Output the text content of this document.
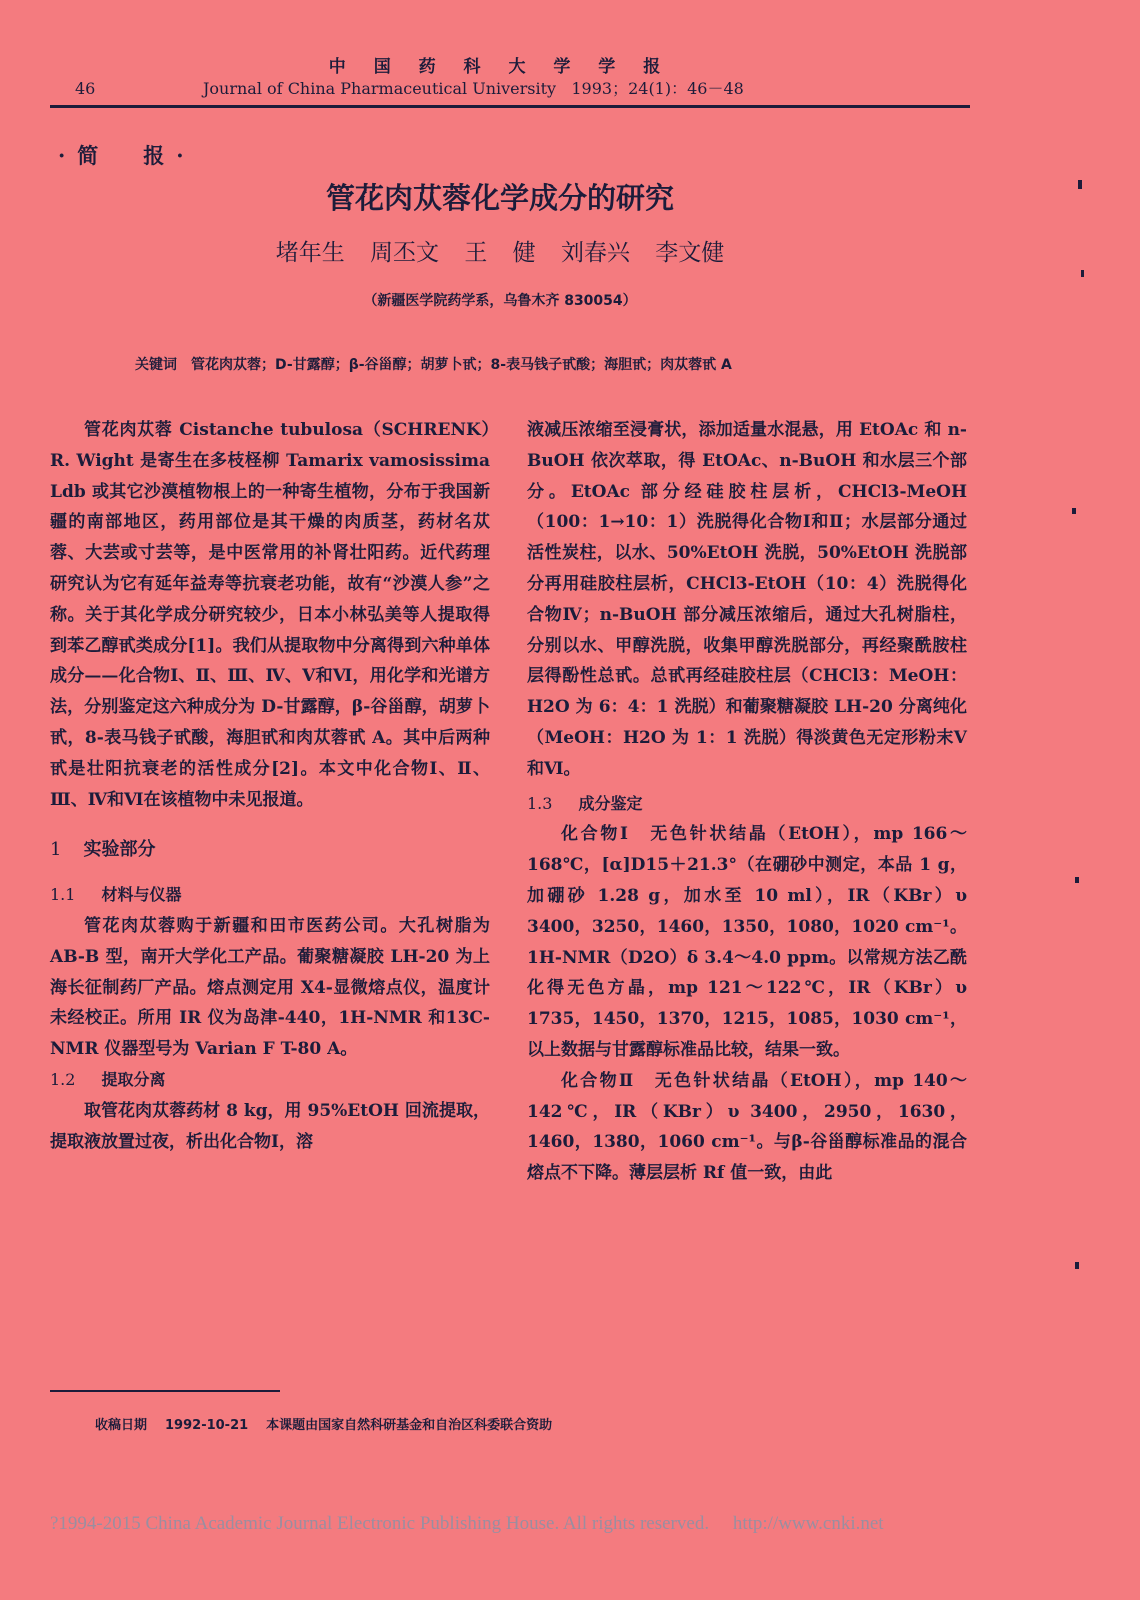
中 国 药 科 大 学 学 报
46	Journal of China Pharmaceutical University 1993；24(1)：46－48
·简　报·
管花肉苁蓉化学成分的研究
堵年生 周丕文 王 健 刘春兴 李文健
（新疆医学院药学系，乌鲁木齐 830054）
关键词 管花肉苁蓉；D-甘露醇；β-谷甾醇；胡萝卜甙；8-表马钱子甙酸；海胆甙；肉苁蓉甙 A

管花肉苁蓉 Cistanche tubulosa（SCHRENK）R. Wight 是寄生在多枝柽柳 Tamarix vamosissima Ldb 或其它沙漠植物根上的一种寄生植物，分布于我国新疆的南部地区，药用部位是其干燥的肉质茎，药材名苁蓉、大芸或寸芸等，是中医常用的补肾壮阳药。近代药理研究认为它有延年益寿等抗衰老功能，故有“沙漠人参”之称。关于其化学成分研究较少，日本小林弘美等人提取得到苯乙醇甙类成分[1]。我们从提取物中分离得到六种单体成分——化合物Ⅰ、Ⅱ、Ⅲ、Ⅳ、Ⅴ和Ⅵ，用化学和光谱方法，分别鉴定这六种成分为 D-甘露醇，β-谷甾醇，胡萝卜甙，8-表马钱子甙酸，海胆甙和肉苁蓉甙 A。其中后两种甙是壮阳抗衰老的活性成分[2]。本文中化合物Ⅰ、Ⅱ、Ⅲ、Ⅳ和Ⅵ在该植物中未见报道。

1 实验部分
1.1 材料与仪器

管花肉苁蓉购于新疆和田市医药公司。大孔树脂为 AB-B 型，南开大学化工产品。葡聚糖凝胶 LH-20 为上海长征制药厂产品。熔点测定用 X4-显微熔点仪，温度计未经校正。所用 IR 仪为岛津-440，1H-NMR 和13C-NMR 仪器型号为 Varian F T-80 A。

1.2 提取分离

取管花肉苁蓉药材 8 kg，用 95%EtOH 回流提取，提取液放置过夜，析出化合物Ⅰ，溶

液减压浓缩至浸膏状，添加适量水混悬，用 EtOAc 和 n-BuOH 依次萃取，得 EtOAc、n-BuOH 和水层三个部分。EtOAc 部分经硅胶柱层析，CHCl3-MeOH（100：1→10：1）洗脱得化合物Ⅰ和Ⅱ；水层部分通过活性炭柱，以水、50%EtOH 洗脱，50%EtOH 洗脱部分再用硅胶柱层析，CHCl3-EtOH（10：4）洗脱得化合物Ⅳ；n-BuOH 部分减压浓缩后，通过大孔树脂柱，分别以水、甲醇洗脱，收集甲醇洗脱部分，再经聚酰胺柱层得酚性总甙。总甙再经硅胶柱层（CHCl3：MeOH：H2O 为 6：4：1 洗脱）和葡聚糖凝胶 LH-20 分离纯化（MeOH：H2O 为 1：1 洗脱）得淡黄色无定形粉末Ⅴ和Ⅵ。

1.3 成分鉴定

化合物Ⅰ　无色针状结晶（EtOH），mp 166～168℃，[α]D15＋21.3°（在硼砂中测定，本品 1 g，加硼砂 1.28 g，加水至 10 ml），IR（KBr）υ 3400，3250，1460，1350，1080，1020 cm⁻¹。1H-NMR（D2O）δ 3.4～4.0 ppm。以常规方法乙酰化得无色方晶，mp 121～122℃，IR（KBr）υ 1735，1450，1370，1215，1085，1030 cm⁻¹，以上数据与甘露醇标准品比较，结果一致。

化合物Ⅱ　无色针状结晶（EtOH），mp 140～142℃，IR（KBr）υ 3400，2950，1630，1460，1380，1060 cm⁻¹。与β-谷甾醇标准品的混合熔点不下降。薄层层析 Rf 值一致，由此

收稿日期 1992-10-21 本课题由国家自然科研基金和自治区科委联合资助
?1994-2015 China Academic Journal Electronic Publishing House. All rights reserved.　 http://www.cnki.net
